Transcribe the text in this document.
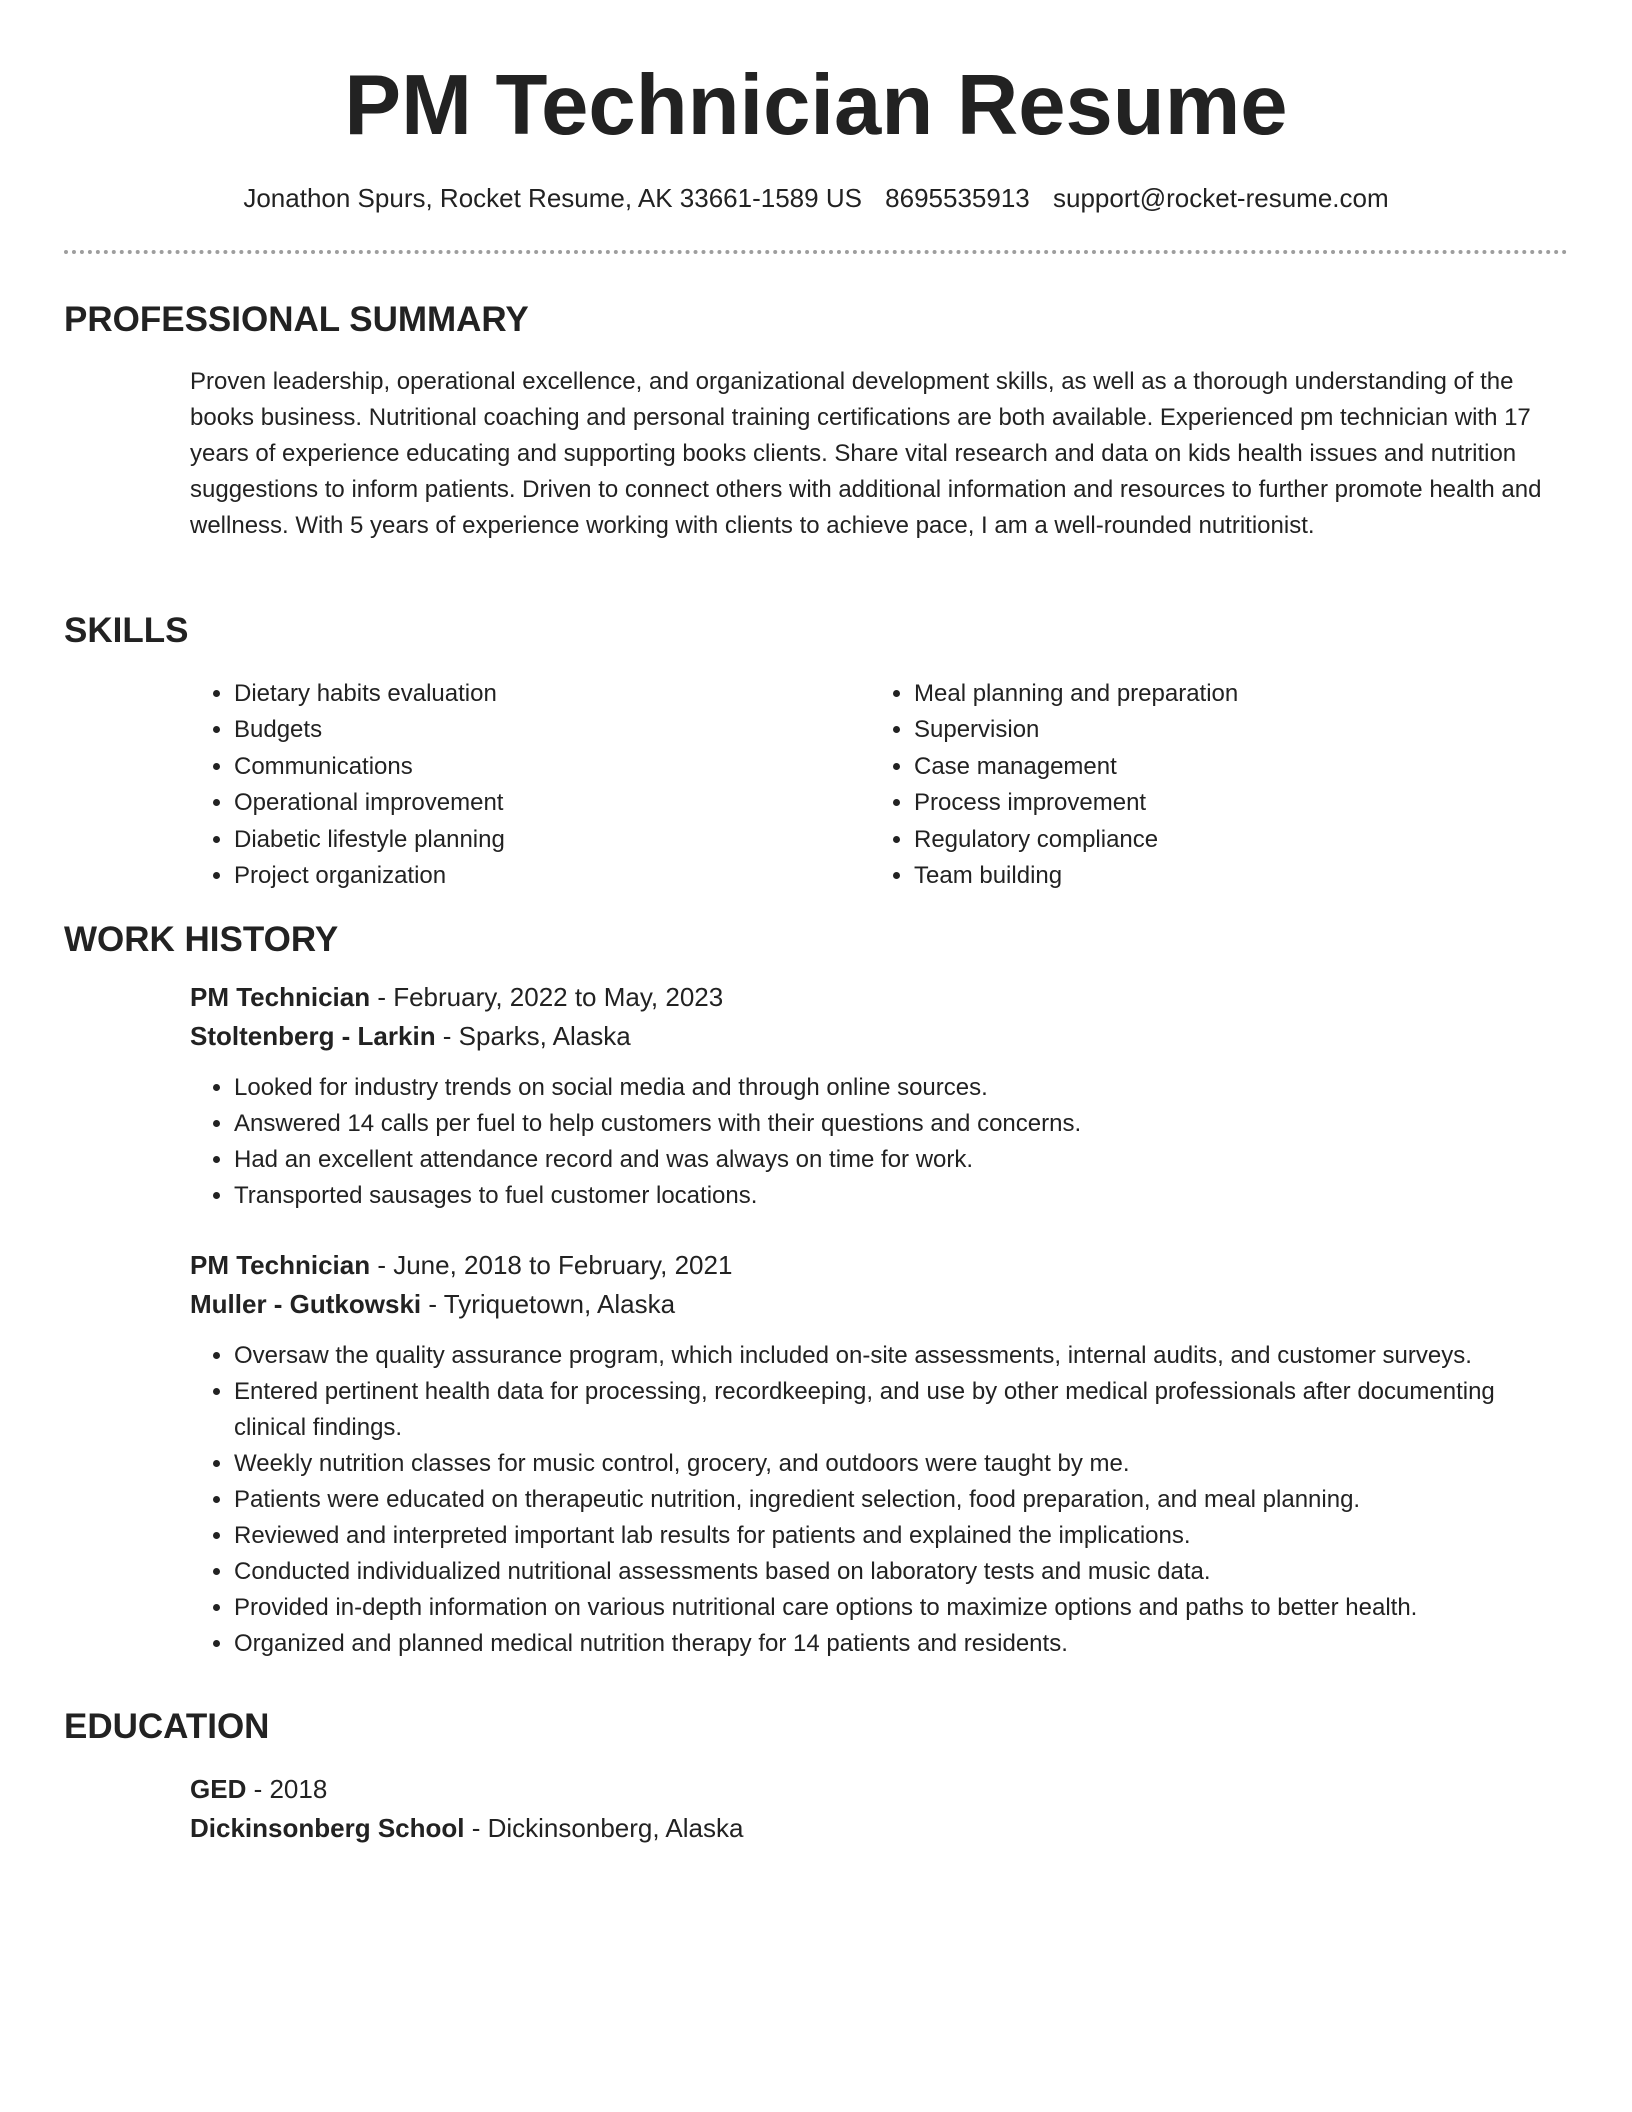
PM Technician Resume
Jonathon Spurs, Rocket Resume, AK 33661-1589 US 8695535913 support@rocket-resume.com
PROFESSIONAL SUMMARY

Proven leadership, operational excellence, and organizational development skills, as well as a thorough understanding of the books business. Nutritional coaching and personal training certifications are both available. Experienced pm technician with 17 years of experience educating and supporting books clients. Share vital research and data on kids health issues and nutrition suggestions to inform patients. Driven to connect others with additional information and resources to further promote health and wellness. With 5 years of experience working with clients to achieve pace, I am a well-rounded nutritionist.

SKILLS
• Dietary habits evaluation
• Budgets
• Communications
• Operational improvement
• Diabetic lifestyle planning
• Project organization
• Meal planning and preparation
• Supervision
• Case management
• Process improvement
• Regulatory compliance
• Team building
WORK HISTORY

PM Technician - February, 2022 to May, 2023

Stoltenberg - Larkin - Sparks, Alaska

• Looked for industry trends on social media and through online sources.
• Answered 14 calls per fuel to help customers with their questions and concerns.
• Had an excellent attendance record and was always on time for work.
• Transported sausages to fuel customer locations.

PM Technician - June, 2018 to February, 2021

Muller - Gutkowski - Tyriquetown, Alaska

• Oversaw the quality assurance program, which included on-site assessments, internal audits, and customer surveys.
• Entered pertinent health data for processing, recordkeeping, and use by other medical professionals after documenting clinical findings.
• Weekly nutrition classes for music control, grocery, and outdoors were taught by me.
• Patients were educated on therapeutic nutrition, ingredient selection, food preparation, and meal planning.
• Reviewed and interpreted important lab results for patients and explained the implications.
• Conducted individualized nutritional assessments based on laboratory tests and music data.
• Provided in-depth information on various nutritional care options to maximize options and paths to better health.
• Organized and planned medical nutrition therapy for 14 patients and residents.
EDUCATION

GED - 2018

Dickinsonberg School - Dickinsonberg, Alaska
